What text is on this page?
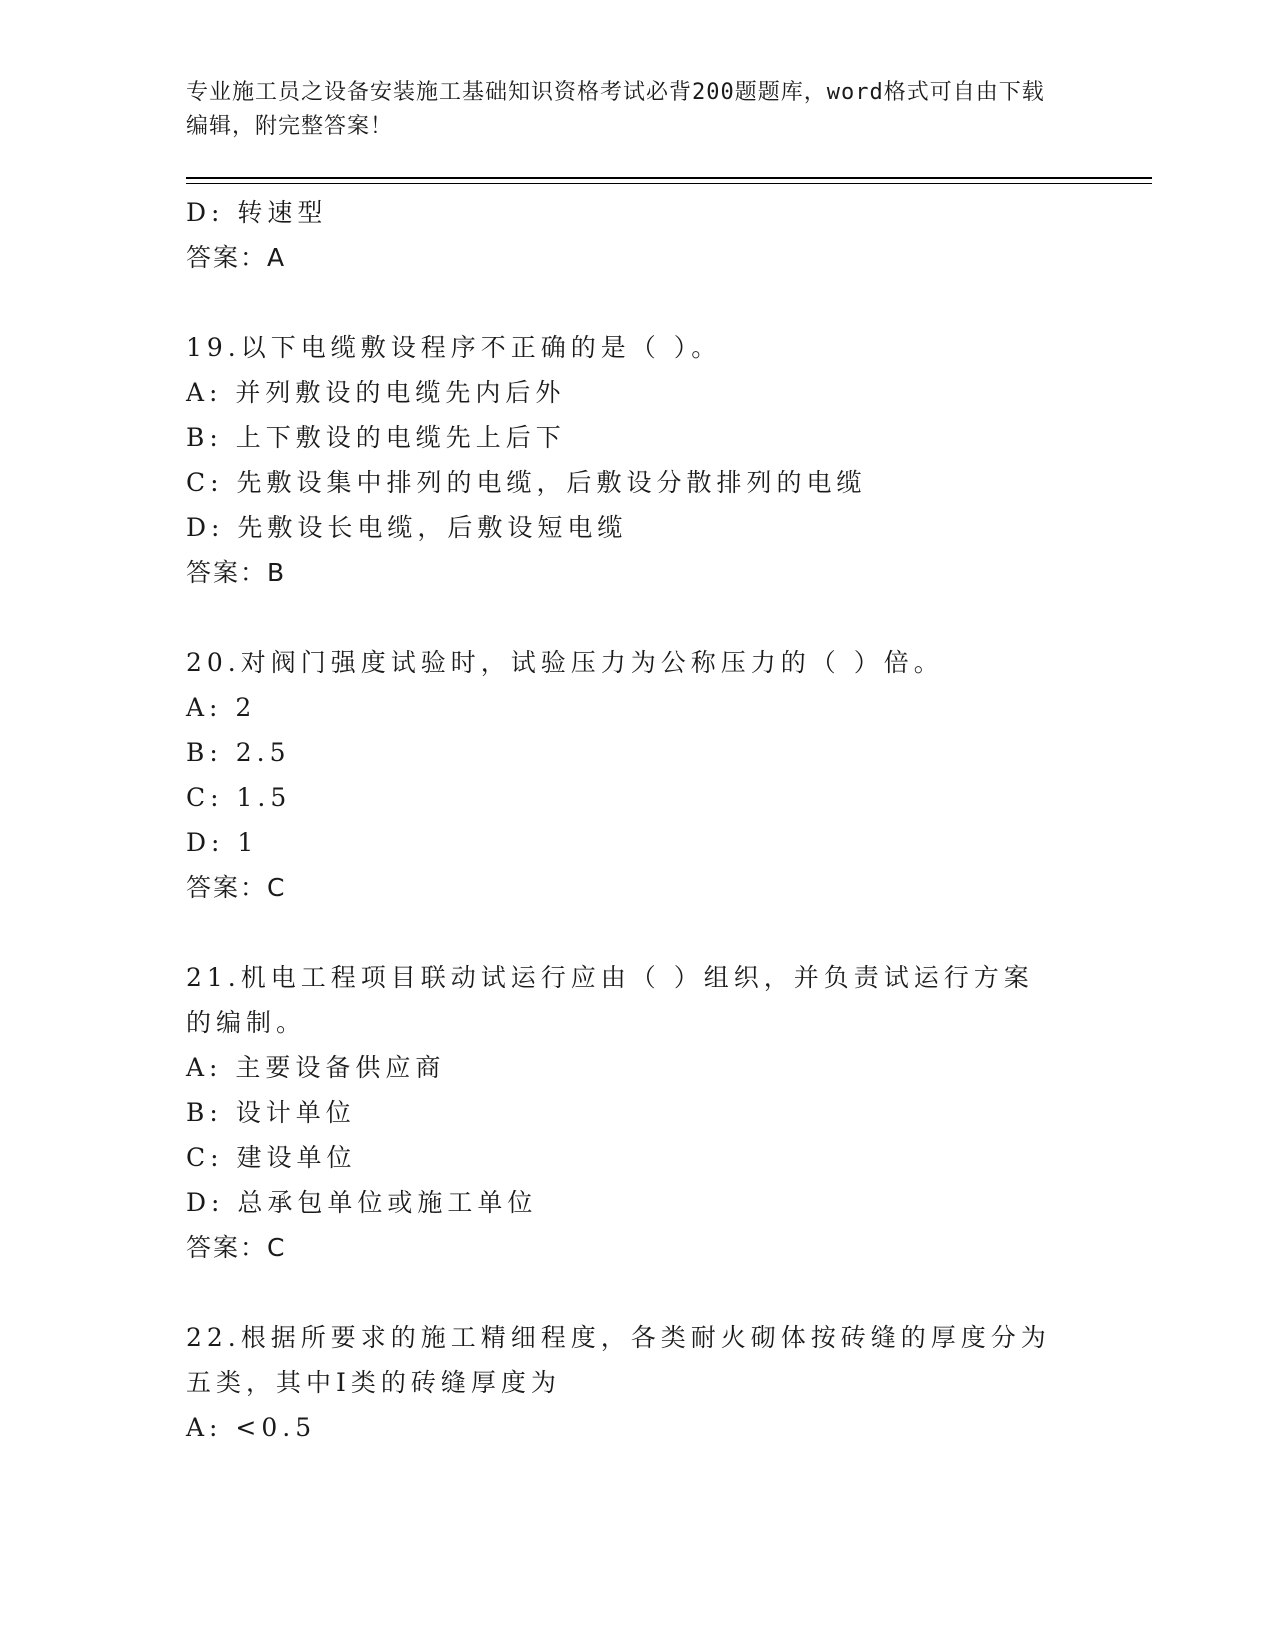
专业施工员之设备安装施工基础知识资格考试必背200题题库，word格式可自由下载编辑，附完整答案！
D: 转速型
答案：A
19.以下电缆敷设程序不正确的是（ ）。
A: 并列敷设的电缆先内后外
B: 上下敷设的电缆先上后下
C: 先敷设集中排列的电缆，后敷设分散排列的电缆
D: 先敷设长电缆，后敷设短电缆
答案：B
20.对阀门强度试验时，试验压力为公称压力的（ ）倍。
A: 2
B: 2.5
C: 1.5
D: 1
答案：C
21.机电工程项目联动试运行应由（ ）组织，并负责试运行方案的编制。
A: 主要设备供应商
B: 设计单位
C: 建设单位
D: 总承包单位或施工单位
答案：C
22.根据所要求的施工精细程度，各类耐火砌体按砖缝的厚度分为五类，其中Ⅰ类的砖缝厚度为
A: <0.5
